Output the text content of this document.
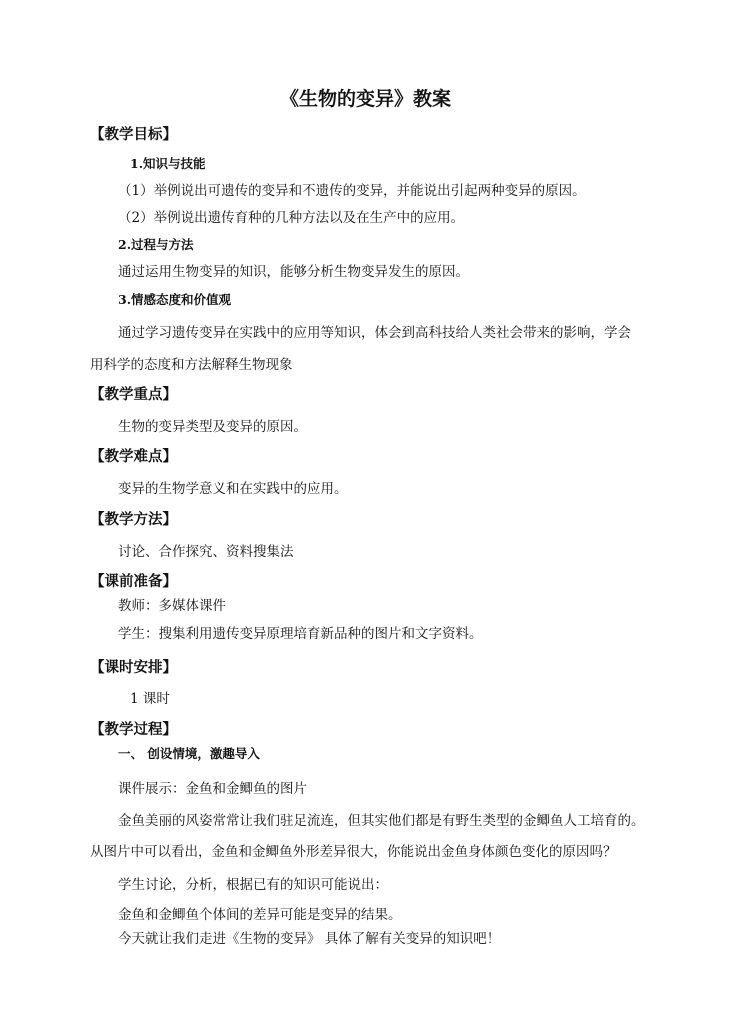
《生物的变异》教案
【教学目标】
1.知识与技能
（1）举例说出可遗传的变异和不遗传的变异，并能说出引起两种变异的原因。
（2）举例说出遗传育种的几种方法以及在生产中的应用。
2.过程与方法
通过运用生物变异的知识，能够分析生物变异发生的原因。
3.情感态度和价值观
通过学习遗传变异在实践中的应用等知识，体会到高科技给人类社会带来的影响，学会
用科学的态度和方法解释生物现象
【教学重点】
生物的变异类型及变异的原因。
【教学难点】
变异的生物学意义和在实践中的应用。
【教学方法】
讨论、合作探究、资料搜集法
【课前准备】
教师：多媒体课件
学生：搜集利用遗传变异原理培育新品种的图片和文字资料。
【课时安排】
1 课时
【教学过程】
一、 创设情境，激趣导入
课件展示：金鱼和金鲫鱼的图片
金鱼美丽的风姿常常让我们驻足流连，但其实他们都是有野生类型的金鲫鱼人工培育的。
从图片中可以看出，金鱼和金鲫鱼外形差异很大，你能说出金鱼身体颜色变化的原因吗？
学生讨论，分析，根据已有的知识可能说出：
金鱼和金鲫鱼个体间的差异可能是变异的结果。
今天就让我们走进《生物的变异》 具体了解有关变异的知识吧！
